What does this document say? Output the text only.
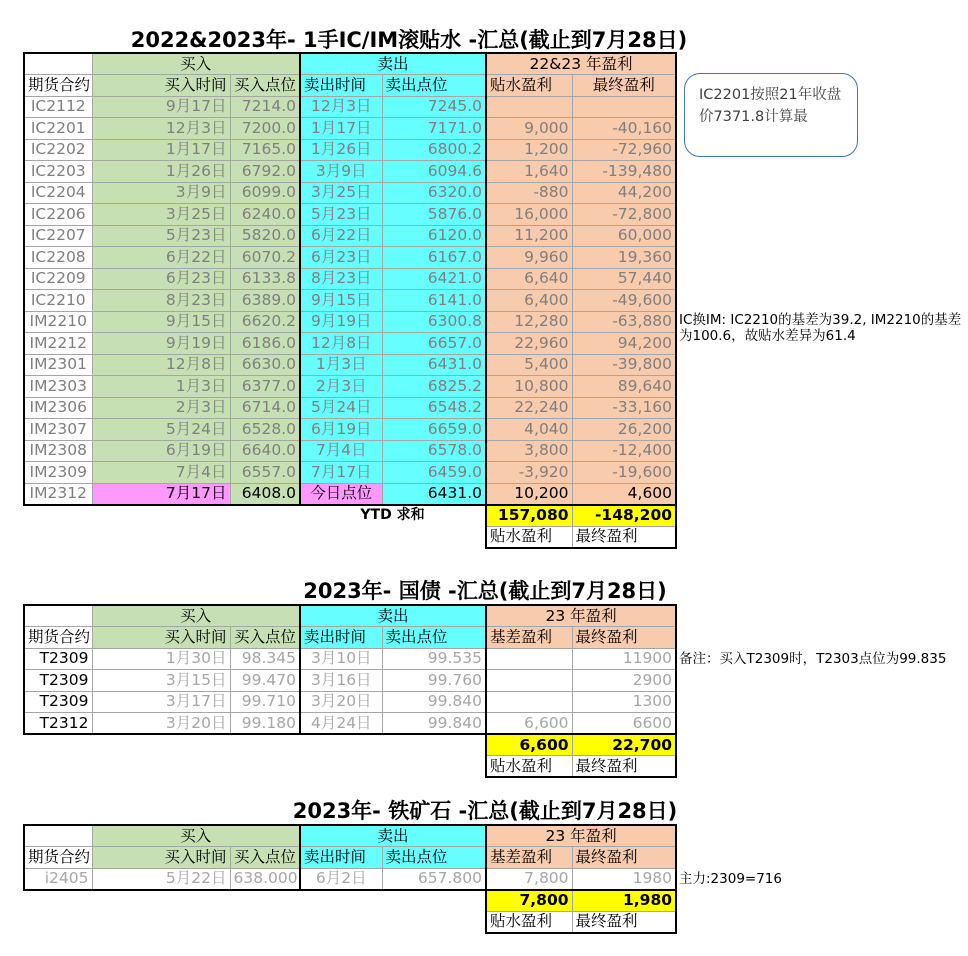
2022&2023年- 1手IC/IM滚贴水 -汇总(截止到7月28日)
	买入		卖出		22&23 年盈利	
期货合约	买入时间	买入点位	卖出时间	卖出点位	贴水盈利	最终盈利
IC2112	9月17日	7214.0	12月3日	7245.0		
IC2201	12月3日	7200.0	1月17日	7171.0	9,000	-40,160
IC2202	1月17日	7165.0	1月26日	6800.2	1,200	-72,960
IC2203	1月26日	6792.0	3月9日	6094.6	1,640	-139,480
IC2204	3月9日	6099.0	3月25日	6320.0	-880	44,200
IC2206	3月25日	6240.0	5月23日	5876.0	16,000	-72,800
IC2207	5月23日	5820.0	6月22日	6120.0	11,200	60,000
IC2208	6月22日	6070.2	6月23日	6167.0	9,960	19,360
IC2209	6月23日	6133.8	8月23日	6421.0	6,640	57,440
IC2210	8月23日	6389.0	9月15日	6141.0	6,400	-49,600
IM2210	9月15日	6620.2	9月19日	6300.8	12,280	-63,880
IM2212	9月19日	6186.0	12月8日	6657.0	22,960	94,200
IM2301	12月8日	6630.0	1月3日	6431.0	5,400	-39,800
IM2303	1月3日	6377.0	2月3日	6825.2	10,800	89,640
IM2306	2月3日	6714.0	5月24日	6548.2	22,240	-33,160
IM2307	5月24日	6528.0	6月19日	6659.0	4,040	26,200
IM2308	6月19日	6640.0	7月4日	6578.0	3,800	-12,400
IM2309	7月4日	6557.0	7月17日	6459.0	-3,920	-19,600
IM2312	7月17日	6408.0	今日点位	6431.0	10,200	4,600
			YTD 求和		157,080	-148,200
					贴水盈利	最终盈利
IC2201按照21年收盘价7371.8计算最
IC换IM: IC2210的基差为39.2, IM2210的基差为100.6，故贴水差异为61.4
2023年- 国债 -汇总(截止到7月28日)
	买入		卖出		23 年盈利	
期货合约	买入时间	买入点位	卖出时间	卖出点位	基差盈利	最终盈利
T2309	1月30日	98.345	3月10日	99.535		11900
T2309	3月15日	99.470	3月16日	99.760		2900
T2309	3月17日	99.710	3月20日	99.840		1300
T2312	3月20日	99.180	4月24日	99.840	6,600	6600
					6,600	22,700
					贴水盈利	最终盈利
备注：买入T2309时，T2303点位为99.835
2023年- 铁矿石 -汇总(截止到7月28日)
	买入		卖出		23 年盈利	
期货合约	买入时间	买入点位	卖出时间	卖出点位	基差盈利	最终盈利
i2405	5月22日	638.000	6月2日	657.800	7,800	1980
					7,800	1,980
					贴水盈利	最终盈利
主力:2309=716
